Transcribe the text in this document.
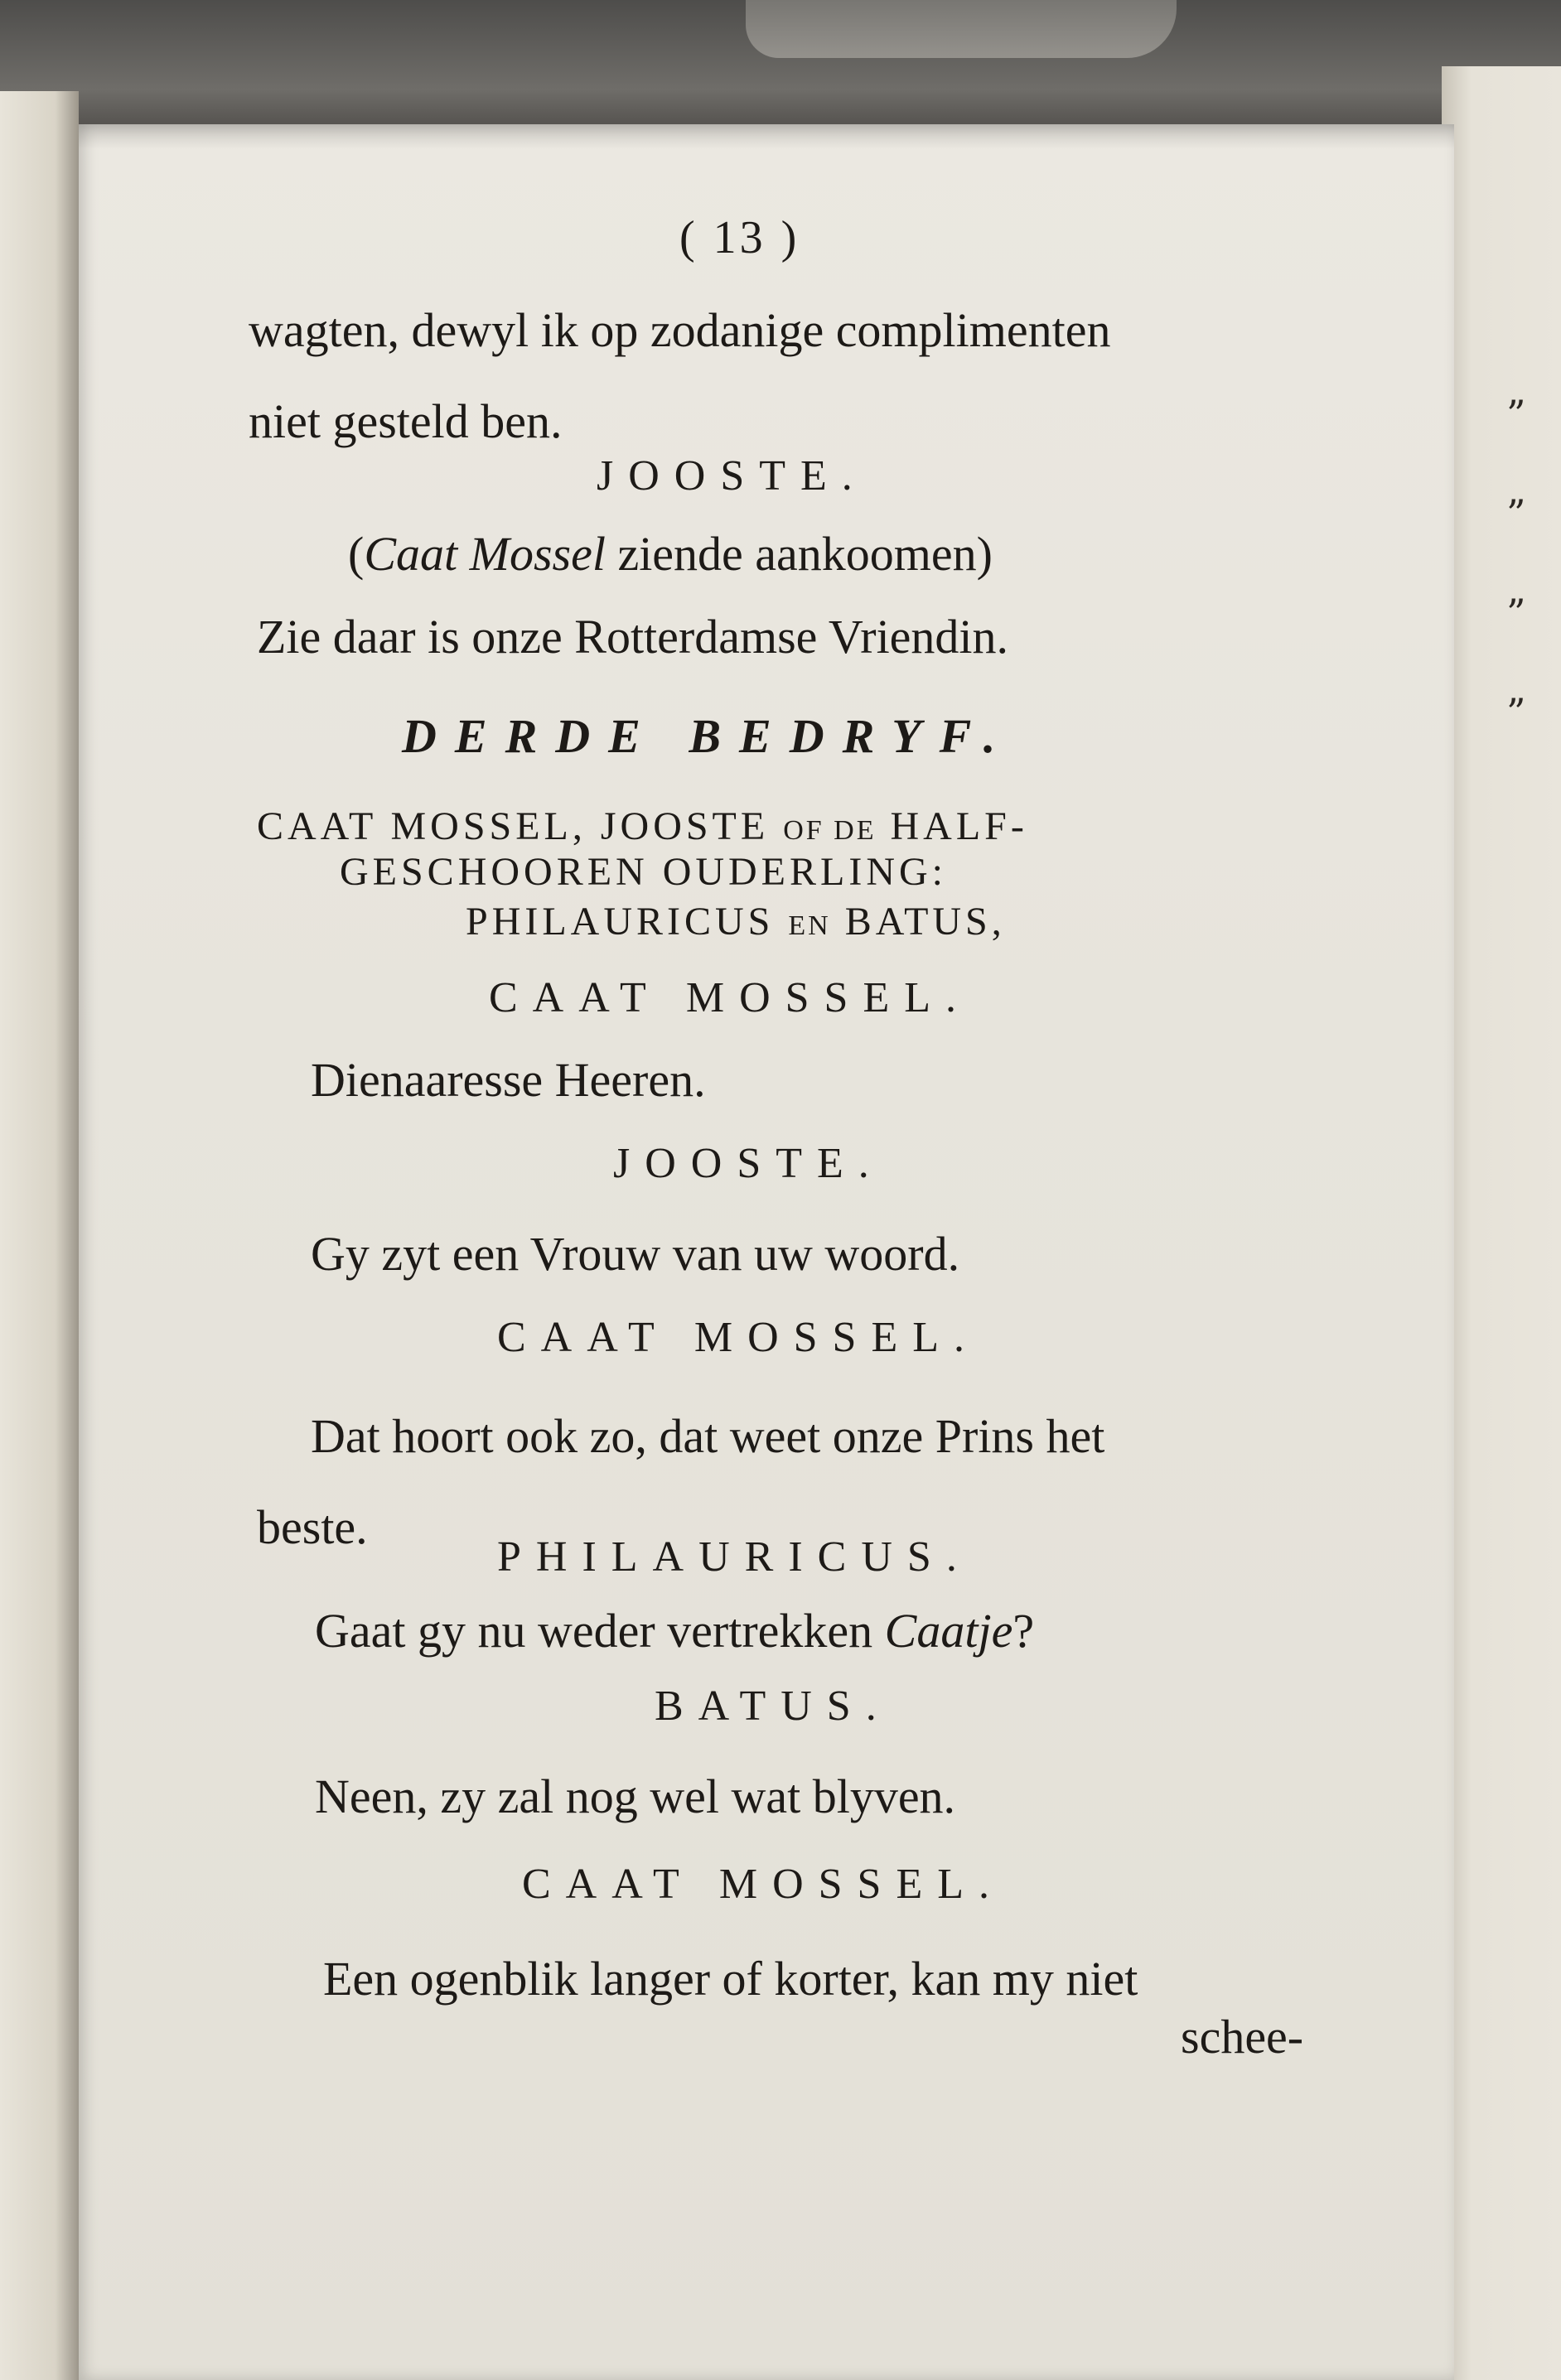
”
”
”
”
( 13 )
wagten, dewyl ik op zodanige complimenten
niet gesteld ben.
JOOSTE.
(Caat Mossel ziende aankoomen)
Zie daar is onze Rotterdamse Vriendin.
DERDE BEDRYF.
CAAT MOSSEL, JOOSTE OF DE HALF-
GESCHOOREN OUDERLING:
PHILAURICUS EN BATUS,
CAAT MOSSEL.
Dienaaresse Heeren.
JOOSTE.
Gy zyt een Vrouw van uw woord.
CAAT MOSSEL.
Dat hoort ook zo, dat weet onze Prins het
beste.
PHILAURICUS.
Gaat gy nu weder vertrekken Caatje?
BATUS.
Neen, zy zal nog wel wat blyven.
CAAT MOSSEL.
Een ogenblik langer of korter, kan my niet
schee-
